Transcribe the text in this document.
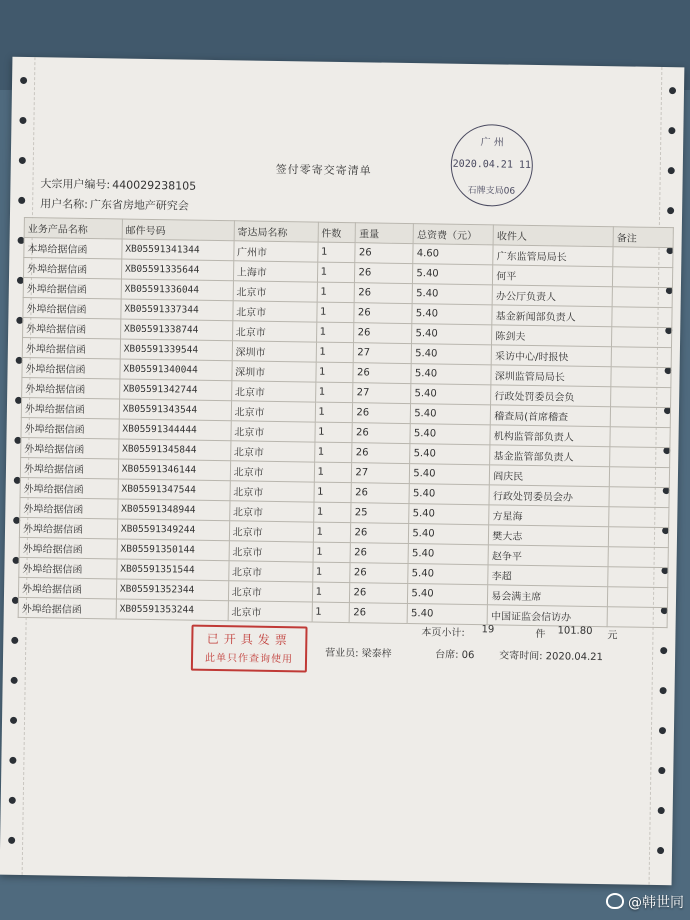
签付零寄交寄清单
广 州
2020.04.21 11
石牌支局06
大宗用户编号: 440029238105
用户名称: 广东省房地产研究会
业务产品名称	邮件号码	寄达局名称	件数	重量	总资费（元）	收件人	备注
本埠给据信函	XB05591341344	广州市	1	26	4.60	广东监管局局长	
外埠给据信函	XB05591335644	上海市	1	26	5.40	何平	
外埠给据信函	XB05591336044	北京市	1	26	5.40	办公厅负责人	
外埠给据信函	XB05591337344	北京市	1	26	5.40	基金新闻部负责人	
外埠给据信函	XB05591338744	北京市	1	26	5.40	陈剑夫	
外埠给据信函	XB05591339544	深圳市	1	27	5.40	采访中心/时报快	
外埠给据信函	XB05591340044	深圳市	1	26	5.40	深圳监管局局长	
外埠给据信函	XB05591342744	北京市	1	27	5.40	行政处罚委员会负	
外埠给据信函	XB05591343544	北京市	1	26	5.40	稽查局(首席稽查	
外埠给据信函	XB05591344444	北京市	1	26	5.40	机构监管部负责人	
外埠给据信函	XB05591345844	北京市	1	26	5.40	基金监管部负责人	
外埠给据信函	XB05591346144	北京市	1	27	5.40	阎庆民	
外埠给据信函	XB05591347544	北京市	1	26	5.40	行政处罚委员会办	
外埠给据信函	XB05591348944	北京市	1	25	5.40	方星海	
外埠给据信函	XB05591349244	北京市	1	26	5.40	樊大志	
外埠给据信函	XB05591350144	北京市	1	26	5.40	赵争平	
外埠给据信函	XB05591351544	北京市	1	26	5.40	李超	
外埠给据信函	XB05591352344	北京市	1	26	5.40	易会满主席	
外埠给据信函	XB05591353244	北京市	1	26	5.40	中国证监会信访办	
本页小计: 19	件 101.80 元
营业员: 梁泰梓	台席: 06 交寄时间: 2020.04.21
已开具发票
此单只作查询使用
@韩世同
